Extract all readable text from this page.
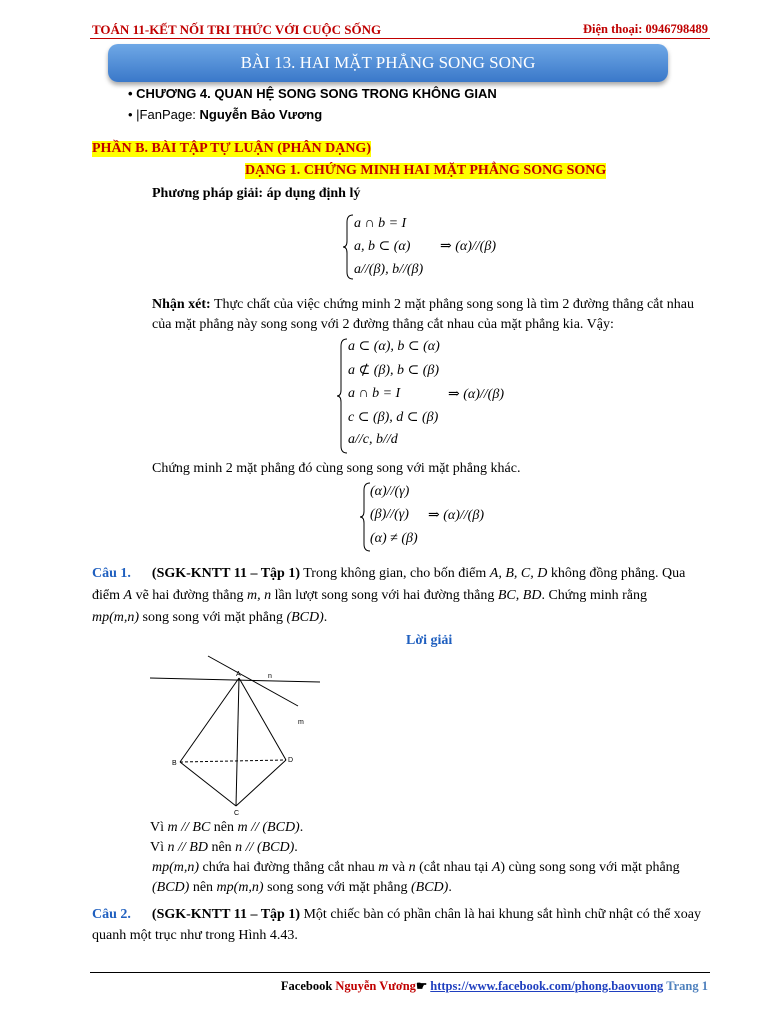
TOÁN 11-KẾT NỐI TRI THỨC VỚI CUỘC SỐNG	Điện thoại: 0946798489
BÀI 13. HAI MẶT PHẲNG SONG SONG
• CHƯƠNG 4. QUAN HỆ SONG SONG TRONG KHÔNG GIAN
• |FanPage: Nguyễn Bảo Vương
PHẦN B. BÀI TẬP TỰ LUẬN (PHÂN DẠNG)
DẠNG 1. CHỨNG MINH HAI MẶT PHẲNG SONG SONG
Phương pháp giải: áp dụng định lý
a ∩ b = I
a, b ⊂ (α)
a//(β), b//(β)
⇒ (α)//(β)
Nhận xét: Thực chất của việc chứng minh 2 mặt phẳng song song là tìm 2 đường thẳng cắt nhau
của mặt phẳng này song song với 2 đường thẳng cắt nhau của mặt phẳng kia. Vậy:
a ⊂ (α), b ⊂ (α)
a ⊄ (β), b ⊂ (β)
a ∩ b = I
c ⊂ (β), d ⊂ (β)
a//c, b//d
⇒ (α)//(β)
Chứng minh 2 mặt phẳng đó cùng song song với mặt phẳng khác.
(α)//(γ)
(β)//(γ)
(α) ≠ (β)
⇒ (α)//(β)
Câu 1. (SGK-KNTT 11 – Tập 1) Trong không gian, cho bốn điểm A, B, C, D không đồng phẳng. Qua
điểm A vẽ hai đường thẳng m, n lần lượt song song với hai đường thẳng BC, BD. Chứng minh rằng
mp(m,n) song song với mặt phẳng (BCD).
Lời giải
A	n
m
B	D
C
Vì m // BC nên m // (BCD).
Vì n // BD nên n // (BCD).
mp(m,n) chứa hai đường thẳng cắt nhau m và n (cắt nhau tại A) cùng song song với mặt phẳng
(BCD) nên mp(m,n) song song với mặt phẳng (BCD).
Câu 2. (SGK-KNTT 11 – Tập 1) Một chiếc bàn có phần chân là hai khung sắt hình chữ nhật có thể xoay
quanh một trục như trong Hình 4.43.
Facebook Nguyễn Vương☛ https://www.facebook.com/phong.baovuong Trang 1
